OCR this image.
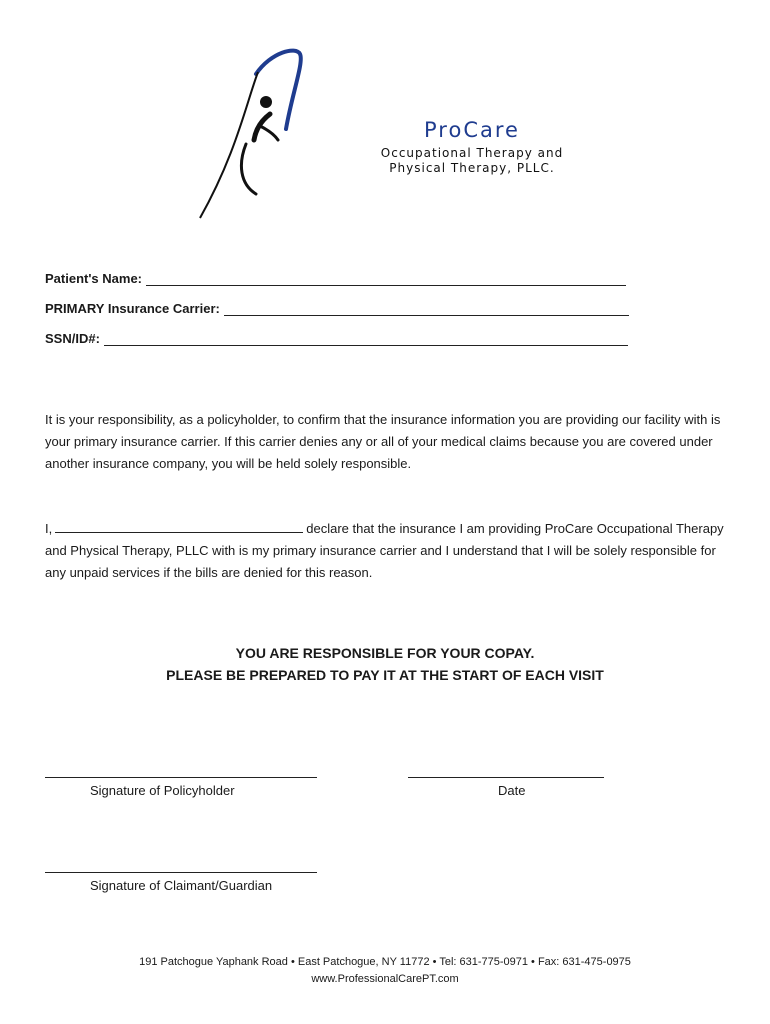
ProCare
Occupational Therapy and
Physical Therapy, PLLC.
Patient's Name:
PRIMARY Insurance Carrier:
SSN/ID#:
It is your responsibility, as a policyholder, to confirm that the insurance information you are providing our facility with is your primary insurance carrier. If this carrier denies any or all of your medical claims because you are covered under another insurance company, you will be held solely responsible.
I,	declare that the insurance I am providing ProCare Occupational Therapy and Physical Therapy, PLLC with is my primary insurance carrier and I understand that I will be solely responsible for any unpaid services if the bills are denied for this reason.
YOU ARE RESPONSIBLE FOR YOUR COPAY.
PLEASE BE PREPARED TO PAY IT AT THE START OF EACH VISIT
Signature of Policyholder	Date
Signature of Claimant/Guardian
191 Patchogue Yaphank Road • East Patchogue, NY 11772 • Tel: 631-775-0971 • Fax: 631-475-0975
www.ProfessionalCarePT.com
